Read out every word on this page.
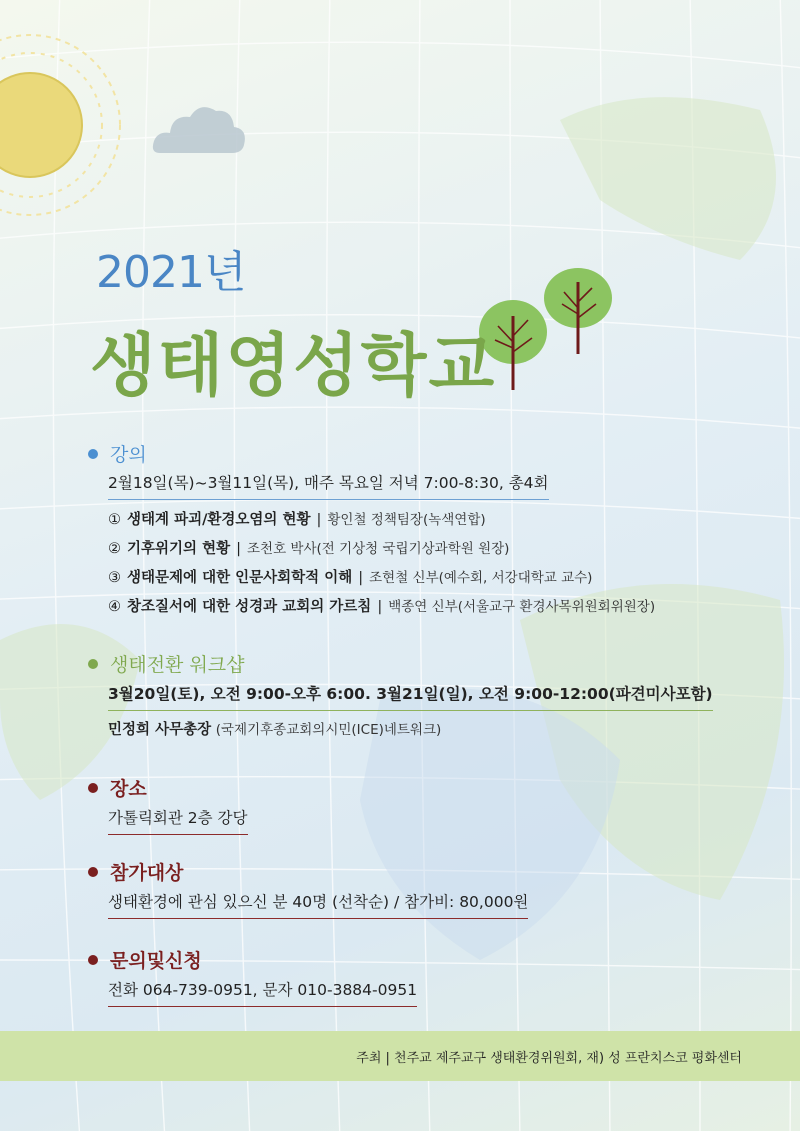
2021년
생태영성학교
강의
2월18일(목)~3월11일(목), 매주 목요일 저녁 7:00-8:30, 총4회
① 생태계 파괴/환경오염의 현황 | 황인철 정책팀장(녹색연합)
② 기후위기의 현황 | 조천호 박사(전 기상청 국립기상과학원 원장)
③ 생태문제에 대한 인문사회학적 이해 | 조현철 신부(예수회, 서강대학교 교수)
④ 창조질서에 대한 성경과 교회의 가르침 | 백종연 신부(서울교구 환경사목위원회위원장)
생태전환 워크샵
3월20일(토), 오전 9:00-오후 6:00. 3월21일(일), 오전 9:00-12:00(파견미사포함)
민정희 사무총장 (국제기후종교회의시민(ICE)네트워크)
장소
가톨릭회관 2층 강당
참가대상
생태환경에 관심 있으신 분 40명 (선착순) / 참가비: 80,000원
문의및신청
전화 064-739-0951, 문자 010-3884-0951
주최 | 천주교 제주교구 생태환경위원회, 재) 성 프란치스코 평화센터
